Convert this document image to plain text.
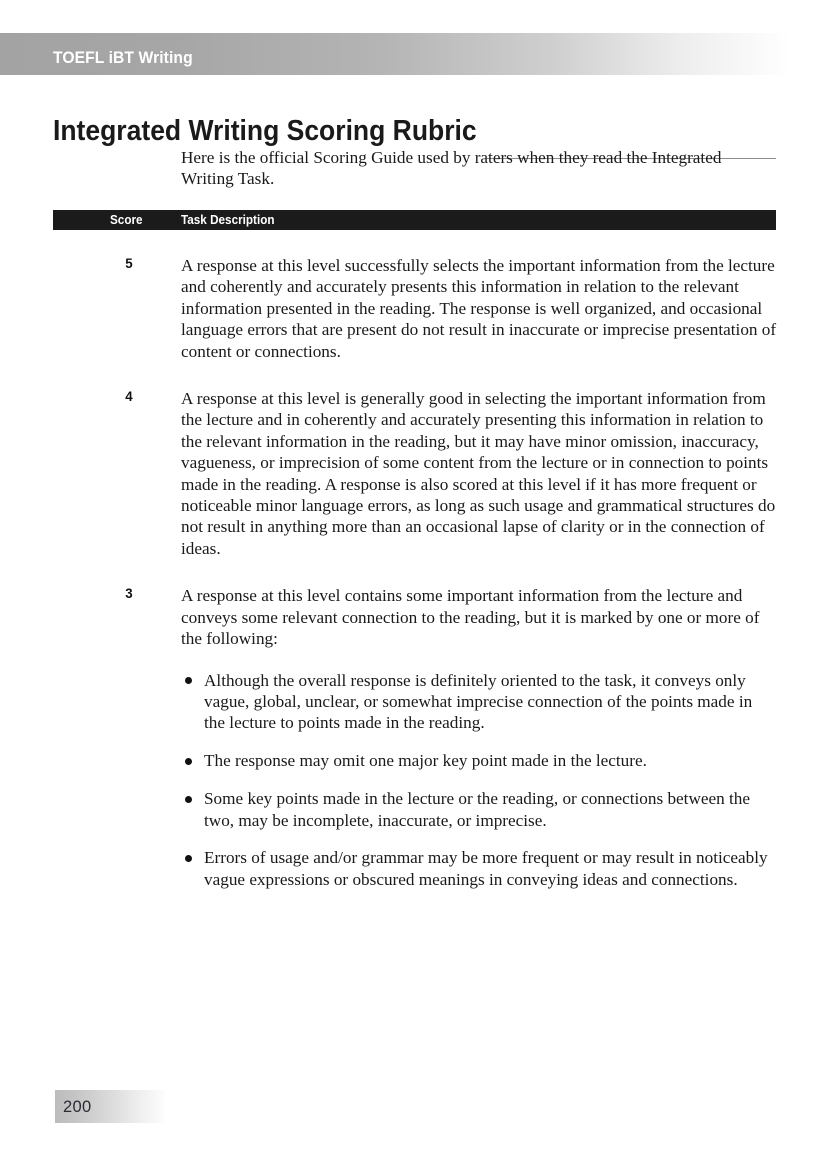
TOEFL iBT Writing
Integrated Writing Scoring Rubric
Here is the official Scoring Guide used by raters when they read the Integrated Writing Task.
Score	Task Description
5	A response at this level successfully selects the important information from the lecture and coherently and accurately presents this information in relation to the relevant information presented in the reading. The response is well organized, and occasional language errors that are present do not result in inaccurate or imprecise presentation of content or connections.

4	A response at this level is generally good in selecting the important information from the lecture and in coherently and accurately presenting this information in relation to the relevant information in the reading, but it may have minor omission, inaccuracy, vagueness, or imprecision of some content from the lecture or in connection to points made in the reading. A response is also scored at this level if it has more frequent or noticeable minor language errors, as long as such usage and grammatical structures do not result in anything more than an occasional lapse of clarity or in the connection of ideas.

3	A response at this level contains some important information from the lecture and conveys some relevant connection to the reading, but it is marked by one or more of the following:

Although the overall response is definitely oriented to the task, it conveys only vague, global, unclear, or somewhat imprecise connection of the points made in the lecture to points made in the reading.
The response may omit one major key point made in the lecture.
Some key points made in the lecture or the reading, or connections between the two, may be incomplete, inaccurate, or imprecise.
Errors of usage and/or grammar may be more frequent or may result in noticeably vague expressions or obscured meanings in conveying ideas and connections.
200
